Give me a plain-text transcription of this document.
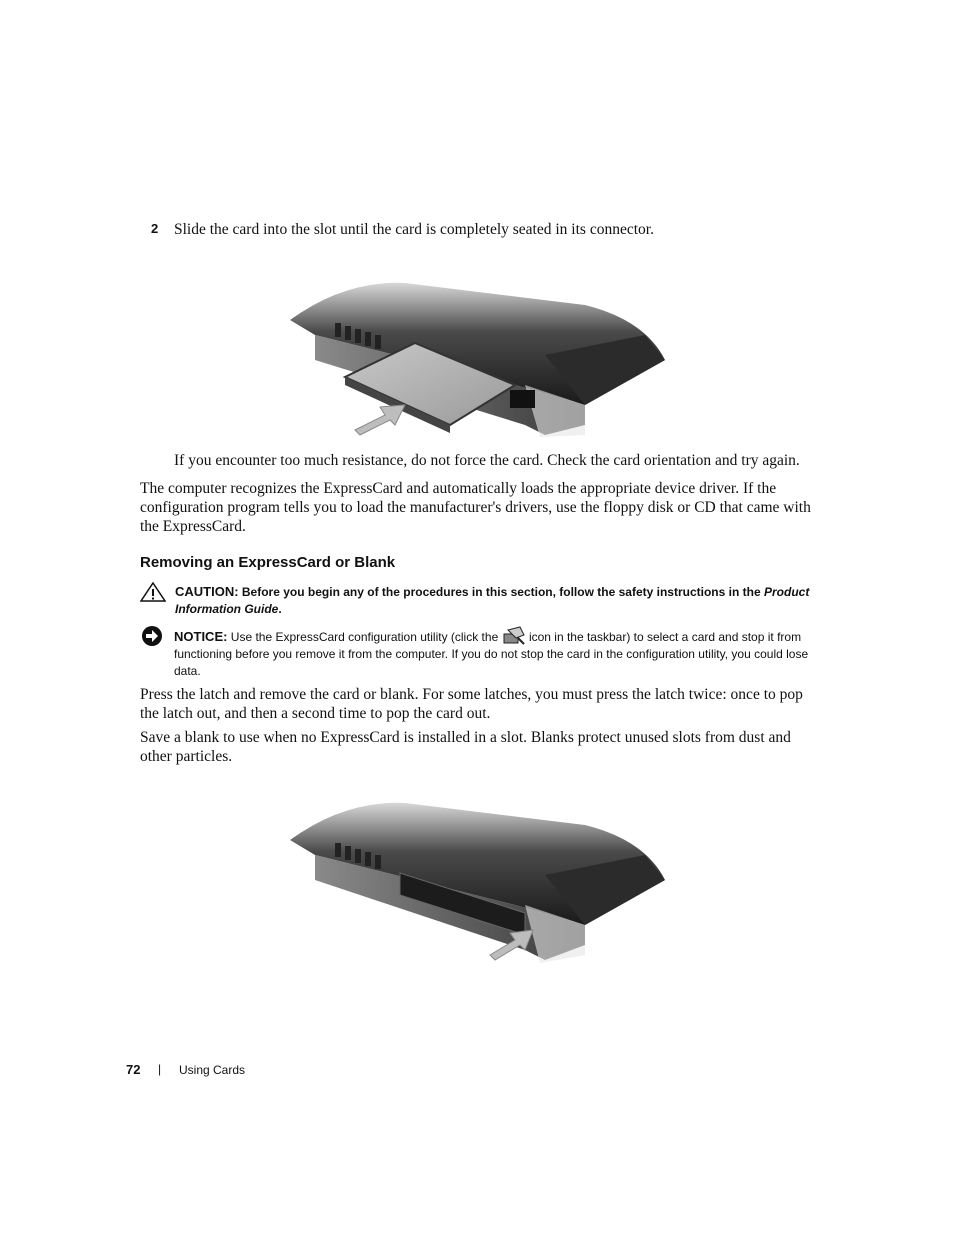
2 Slide the card into the slot until the card is completely seated in its connector.
If you encounter too much resistance, do not force the card. Check the card orientation and try again.
The computer recognizes the ExpressCard and automatically loads the appropriate device driver. If the configuration program tells you to load the manufacturer's drivers, use the floppy disk or CD that came with the ExpressCard.
Removing an ExpressCard or Blank
CAUTION: Before you begin any of the procedures in this section, follow the safety instructions in the Product Information Guide.
NOTICE: Use the ExpressCard configuration utility (click the	icon in the taskbar) to select a card and stop it from functioning before you remove it from the computer. If you do not stop the card in the configuration utility, you could lose data.
Press the latch and remove the card or blank. For some latches, you must press the latch twice: once to pop the latch out, and then a second time to pop the card out.
Save a blank to use when no ExpressCard is installed in a slot. Blanks protect unused slots from dust and other particles.
72 | Using Cards
